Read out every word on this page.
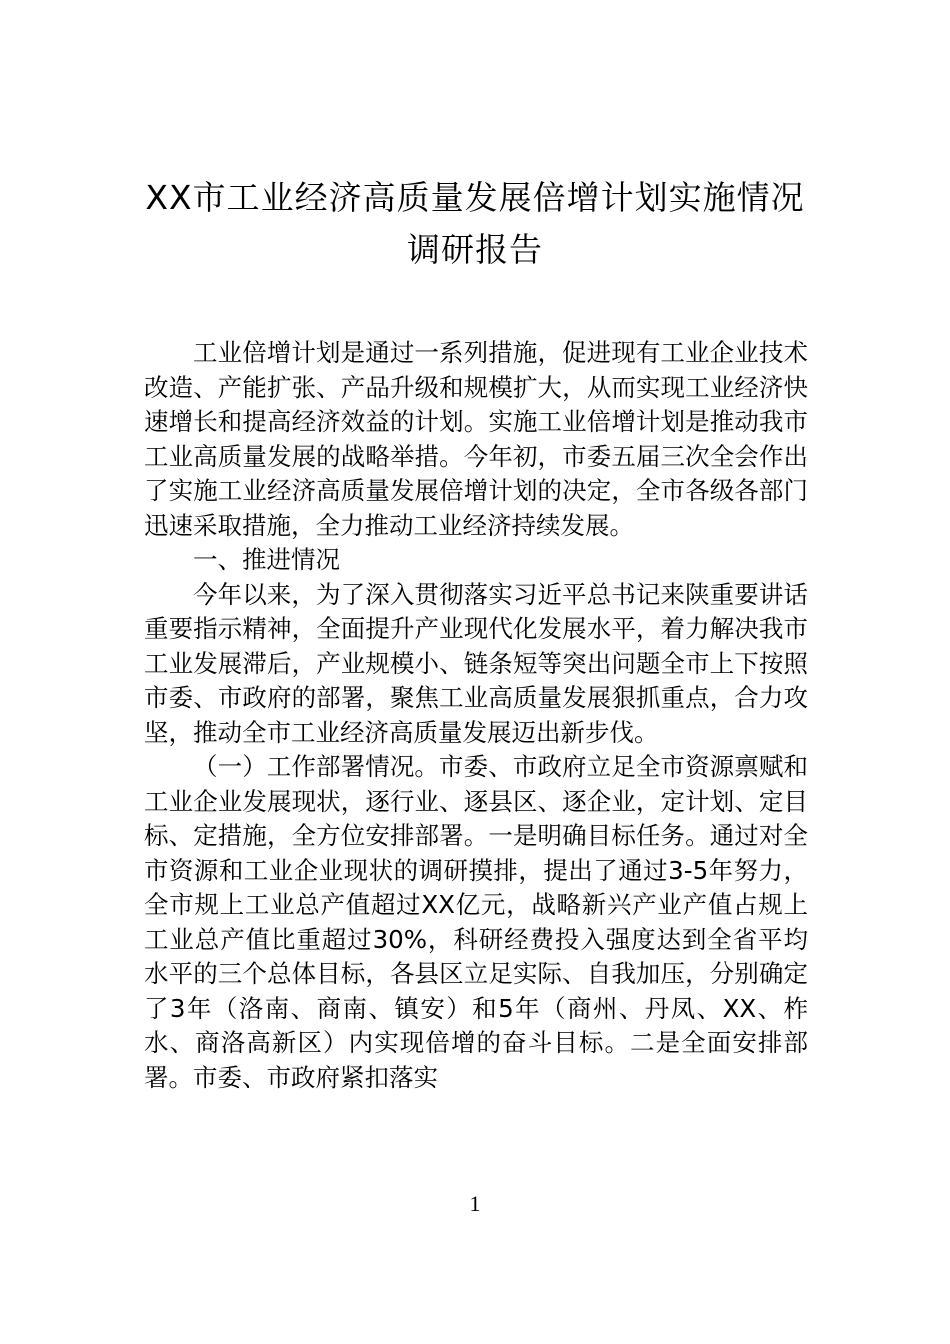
XX市工业经济高质量发展倍增计划实施情况调研报告

工业倍增计划是通过一系列措施，促进现有工业企业技术改造、产能扩张、产品升级和规模扩大，从而实现工业经济快速增长和提高经济效益的计划。实施工业倍增计划是推动我市工业高质量发展的战略举措。今年初，市委五届三次全会作出了实施工业经济高质量发展倍增计划的决定，全市各级各部门迅速采取措施，全力推动工业经济持续发展。

一、推进情况

今年以来，为了深入贯彻落实习近平总书记来陕重要讲话重要指示精神，全面提升产业现代化发展水平，着力解决我市工业发展滞后，产业规模小、链条短等突出问题全市上下按照市委、市政府的部署，聚焦工业高质量发展狠抓重点，合力攻坚，推动全市工业经济高质量发展迈出新步伐。

（一）工作部署情况。市委、市政府立足全市资源禀赋和工业企业发展现状，逐行业、逐县区、逐企业，定计划、定目标、定措施，全方位安排部署。一是明确目标任务。通过对全市资源和工业企业现状的调研摸排，提出了通过3-5年努力，全市规上工业总产值超过XX亿元，战略新兴产业产值占规上工业总产值比重超过30%，科研经费投入强度达到全省平均水平的三个总体目标，各县区立足实际、自我加压，分别确定了3年（洛南、商南、镇安）和5年（商州、丹凤、XX、柞水、商洛高新区）内实现倍增的奋斗目标。二是全面安排部署。市委、市政府紧扣落实

1
